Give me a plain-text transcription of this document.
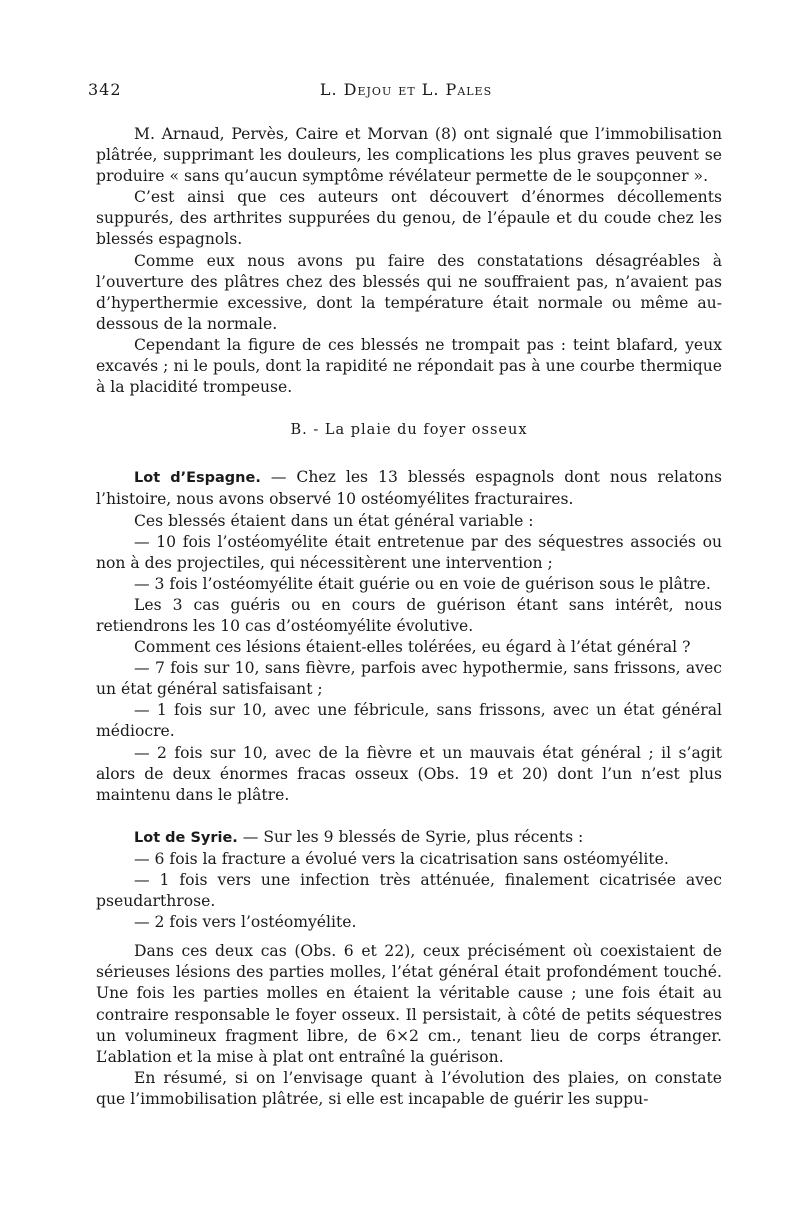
342	L. Dejou et L. Pales

M. Arnaud, Pervès, Caire et Morvan (8) ont signalé que l’immobilisation plâtrée, supprimant les douleurs, les complications les plus graves peuvent se produire « sans qu’aucun symptôme révélateur permette de le soupçonner ».

C’est ainsi que ces auteurs ont découvert d’énormes décollements suppurés, des arthrites suppurées du genou, de l’épaule et du coude chez les blessés espagnols.

Comme eux nous avons pu faire des constatations désagréables à l’ouverture des plâtres chez des blessés qui ne souffraient pas, n’avaient pas d’hyperthermie excessive, dont la température était normale ou même au-dessous de la normale.

Cependant la figure de ces blessés ne trompait pas : teint blafard, yeux excavés ; ni le pouls, dont la rapidité ne répondait pas à une courbe thermique à la placidité trompeuse.

B. - La plaie du foyer osseux

Lot d’Espagne. — Chez les 13 blessés espagnols dont nous relatons l’histoire, nous avons observé 10 ostéomyélites fracturaires.

Ces blessés étaient dans un état général variable :

— 10 fois l’ostéomyélite était entretenue par des séquestres associés ou non à des projectiles, qui nécessitèrent une intervention ;

— 3 fois l’ostéomyélite était guérie ou en voie de guérison sous le plâtre.

Les 3 cas guéris ou en cours de guérison étant sans intérêt, nous retiendrons les 10 cas d’ostéomyélite évolutive.

Comment ces lésions étaient-elles tolérées, eu égard à l’état général ?

— 7 fois sur 10, sans fièvre, parfois avec hypothermie, sans frissons, avec un état général satisfaisant ;

— 1 fois sur 10, avec une fébricule, sans frissons, avec un état général médiocre.

— 2 fois sur 10, avec de la fièvre et un mauvais état général ; il s’agit alors de deux énormes fracas osseux (Obs. 19 et 20) dont l’un n’est plus maintenu dans le plâtre.

Lot de Syrie. — Sur les 9 blessés de Syrie, plus récents :

— 6 fois la fracture a évolué vers la cicatrisation sans ostéomyélite.

— 1 fois vers une infection très atténuée, finalement cicatrisée avec pseudarthrose.

— 2 fois vers l’ostéomyélite.

Dans ces deux cas (Obs. 6 et 22), ceux précisément où coexistaient de sérieuses lésions des parties molles, l’état général était profondément touché. Une fois les parties molles en étaient la véritable cause ; une fois était au contraire responsable le foyer osseux. Il persistait, à côté de petits séquestres un volumineux fragment libre, de 6×2 cm., tenant lieu de corps étranger. L’ablation et la mise à plat ont entraîné la guérison.

En résumé, si on l’envisage quant à l’évolution des plaies, on constate que l’immobilisation plâtrée, si elle est incapable de guérir les suppu-
